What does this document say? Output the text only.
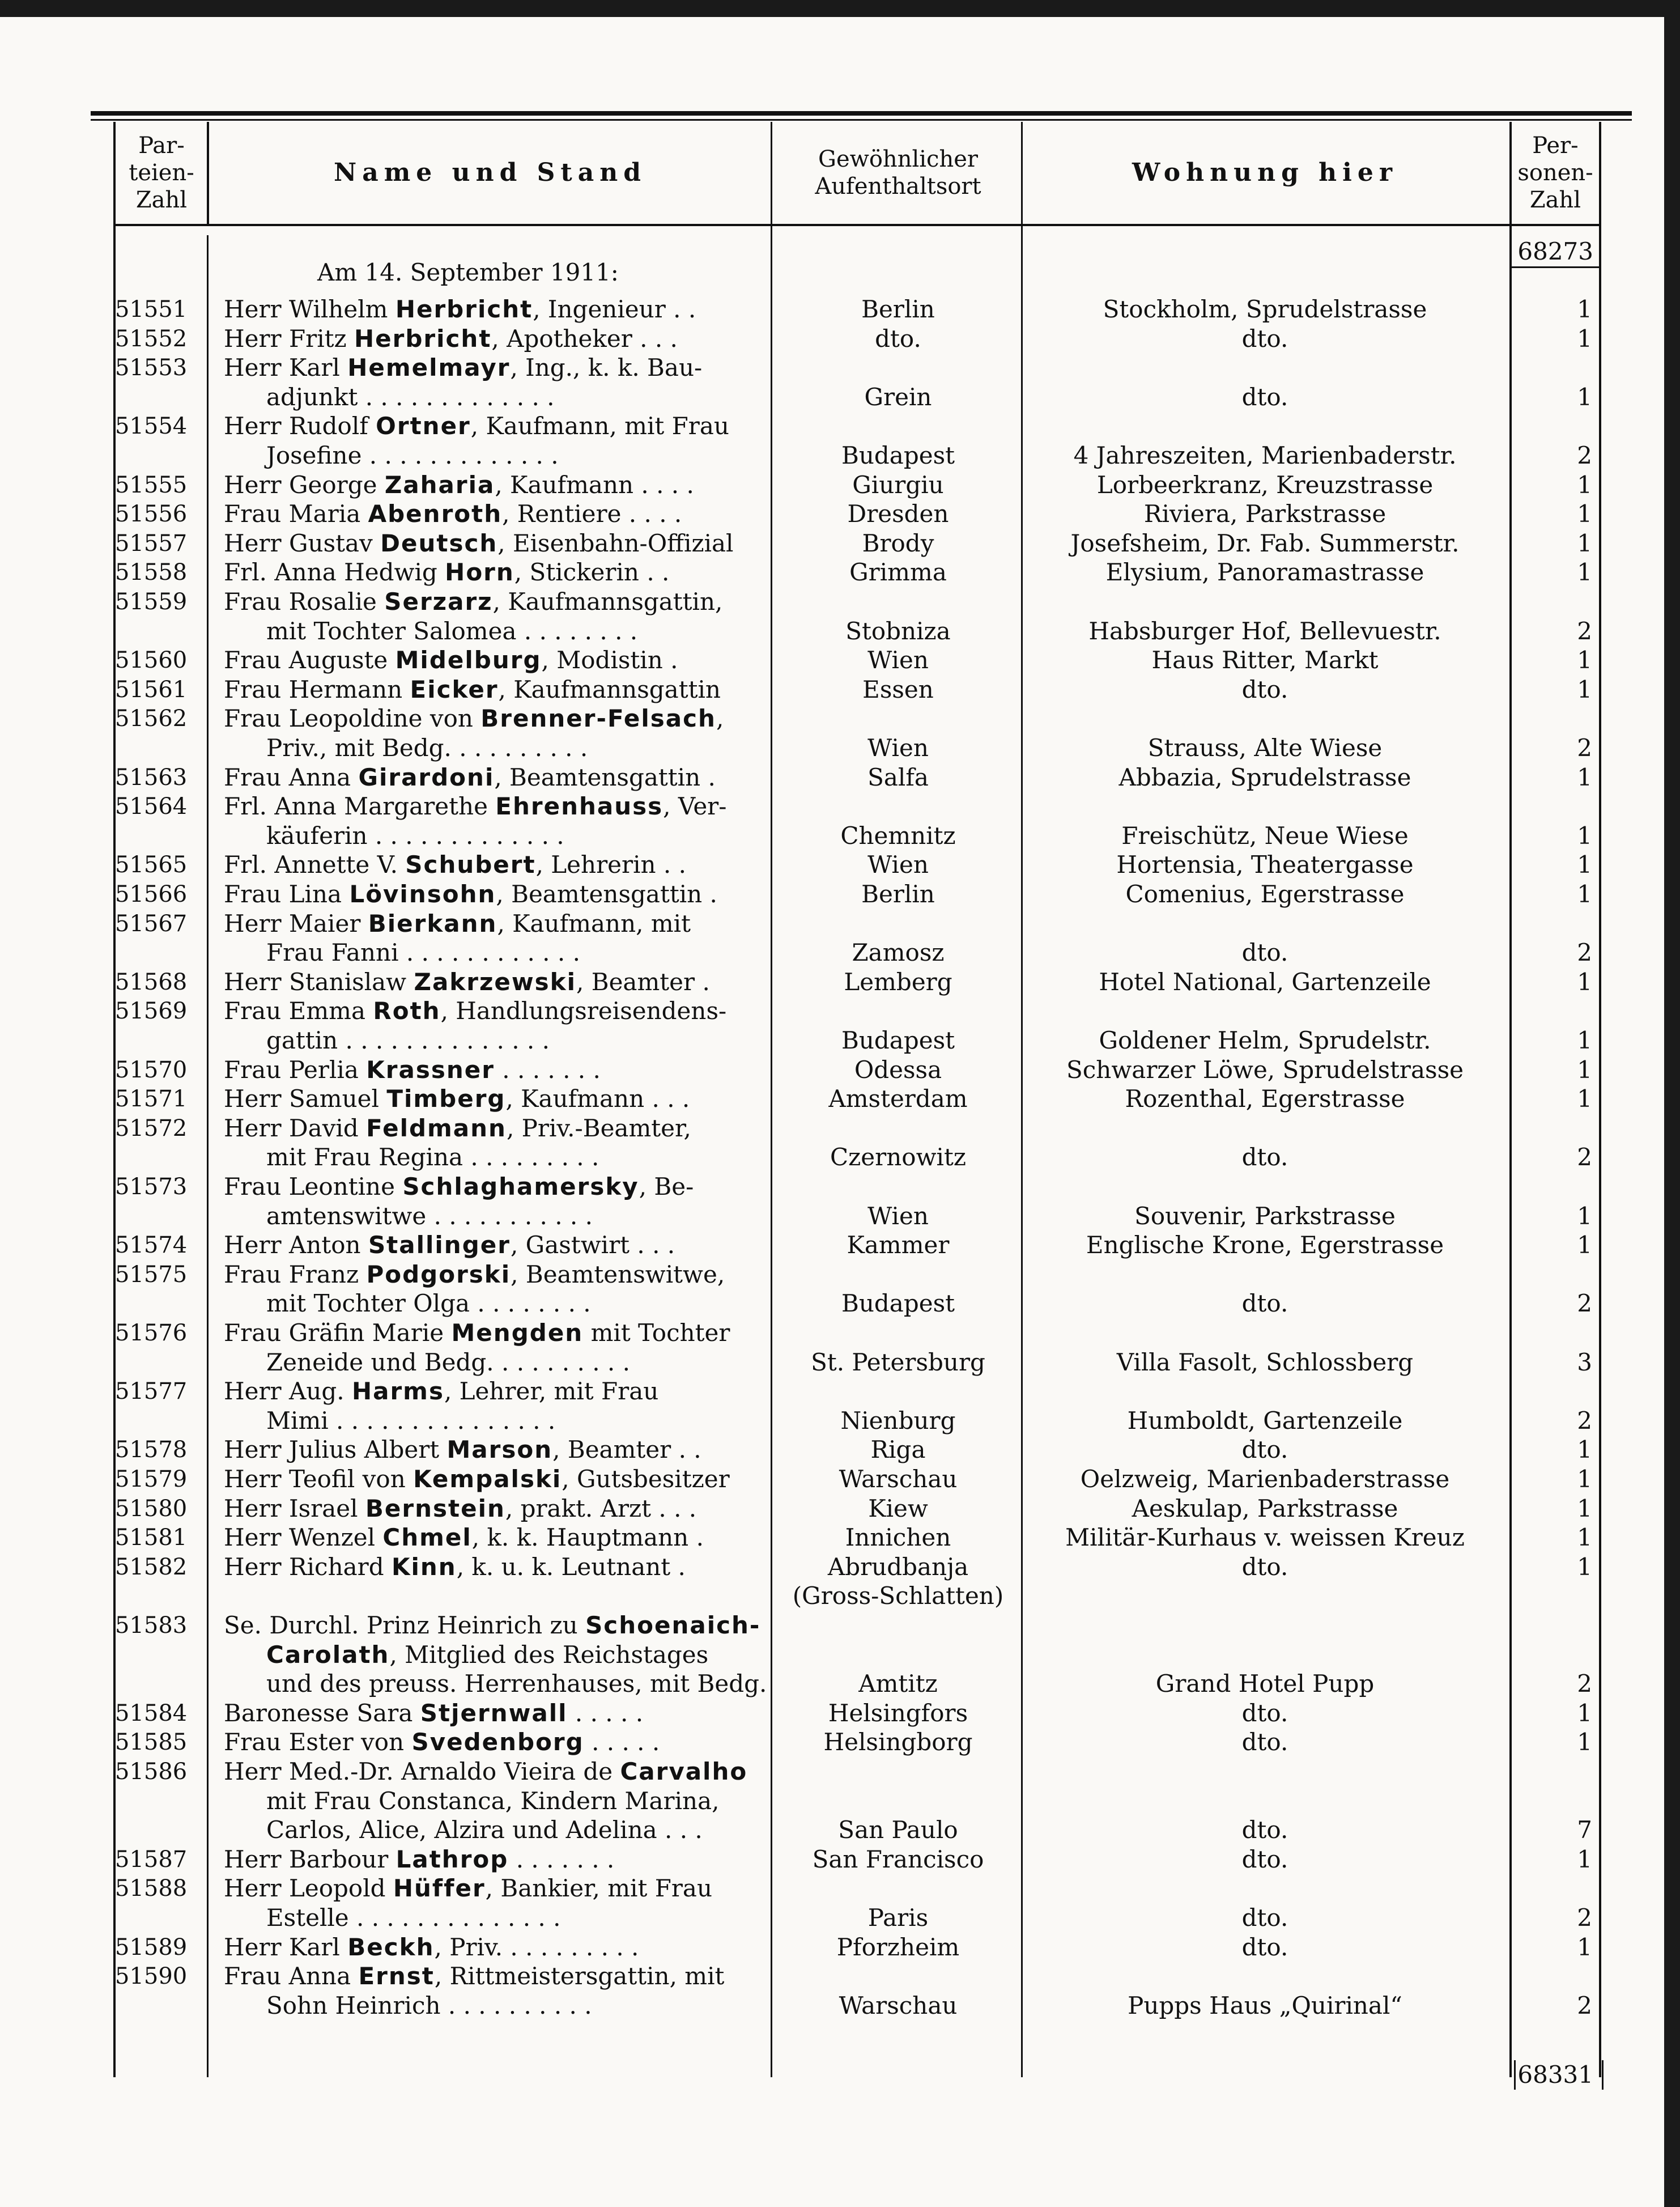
Par-
teien-
Zahl
Name und Stand	Gewöhnlicher
Aufenthaltsort	Wohnung hier
Per-
sonen-
Zahl
68273
68331
Am 14. September 1911:
51551 Herr Wilhelm Herbricht, Ingenieur . .	Berlin	Stockholm, Sprudelstrasse	1
51552 Herr Fritz Herbricht, Apotheker . . .	dto.	dto.	1
51553 Herr Karl Hemelmayr, Ing., k. k. Bau-
adjunkt . . . . . . . . . . . . .	Grein	dto.	1
51554 Herr Rudolf Ortner, Kaufmann, mit Frau
Josefine . . . . . . . . . . . . .	Budapest	4 Jahreszeiten, Marienbaderstr.	2
51555 Herr George Zaharia, Kaufmann . . . .	Giurgiu	Lorbeerkranz, Kreuzstrasse	1
51556 Frau Maria Abenroth, Rentiere . . . .	Dresden	Riviera, Parkstrasse	1
51557 Herr Gustav Deutsch, Eisenbahn-Offizial	Brody	Josefsheim, Dr. Fab. Summerstr.	1
51558 Frl. Anna Hedwig Horn, Stickerin . .	Grimma	Elysium, Panoramastrasse	1
51559 Frau Rosalie Serzarz, Kaufmannsgattin,
mit Tochter Salomea . . . . . . . .	Stobniza	Habsburger Hof, Bellevuestr.	2
51560 Frau Auguste Midelburg, Modistin .	Wien	Haus Ritter, Markt	1
51561 Frau Hermann Eicker, Kaufmannsgattin	Essen	dto.	1
51562 Frau Leopoldine von Brenner-Felsach,
Priv., mit Bedg. . . . . . . . . .	Wien	Strauss, Alte Wiese	2
51563 Frau Anna Girardoni, Beamtensgattin .	Salfa	Abbazia, Sprudelstrasse	1
51564 Frl. Anna Margarethe Ehrenhauss, Ver-
käuferin . . . . . . . . . . . . .	Chemnitz	Freischütz, Neue Wiese	1
51565 Frl. Annette V. Schubert, Lehrerin . .	Wien	Hortensia, Theatergasse	1
51566 Frau Lina Lövinsohn, Beamtensgattin .	Berlin	Comenius, Egerstrasse	1
51567 Herr Maier Bierkann, Kaufmann, mit
Frau Fanni . . . . . . . . . . . .	Zamosz	dto.	2
51568 Herr Stanislaw Zakrzewski, Beamter .	Lemberg	Hotel National, Gartenzeile	1
51569 Frau Emma Roth, Handlungsreisendens-
gattin . . . . . . . . . . . . . .	Budapest	Goldener Helm, Sprudelstr.	1
51570 Frau Perlia Krassner . . . . . . .	Odessa	Schwarzer Löwe, Sprudelstrasse	1
51571 Herr Samuel Timberg, Kaufmann . . .	Amsterdam	Rozenthal, Egerstrasse	1
51572 Herr David Feldmann, Priv.-Beamter,
mit Frau Regina . . . . . . . . .	Czernowitz	dto.	2
51573 Frau Leontine Schlaghamersky, Be-
amtenswitwe . . . . . . . . . . .	Wien	Souvenir, Parkstrasse	1
51574 Herr Anton Stallinger, Gastwirt . . .	Kammer	Englische Krone, Egerstrasse	1
51575 Frau Franz Podgorski, Beamtenswitwe,
mit Tochter Olga . . . . . . . .	Budapest	dto.	2
51576 Frau Gräfin Marie Mengden mit Tochter
Zeneide und Bedg. . . . . . . . . .	St. Petersburg	Villa Fasolt, Schlossberg	3
51577 Herr Aug. Harms, Lehrer, mit Frau
Mimi . . . . . . . . . . . . . . .	Nienburg	Humboldt, Gartenzeile	2
51578 Herr Julius Albert Marson, Beamter . .	Riga	dto.	1
51579 Herr Teofil von Kempalski, Gutsbesitzer	Warschau	Oelzweig, Marienbaderstrasse	1
51580 Herr Israel Bernstein, prakt. Arzt . . .	Kiew	Aeskulap, Parkstrasse	1
51581 Herr Wenzel Chmel, k. k. Hauptmann .	Innichen	Militär-Kurhaus v. weissen Kreuz	1
51582 Herr Richard Kinn, k. u. k. Leutnant .	Abrudbanja	dto.	1
(Gross-Schlatten)
51583 Se. Durchl. Prinz Heinrich zu Schoenaich-
Carolath, Mitglied des Reichstages
und des preuss. Herrenhauses, mit Bedg.	Amtitz	Grand Hotel Pupp	2
51584 Baronesse Sara Stjernwall . . . . .	Helsingfors	dto.	1
51585 Frau Ester von Svedenborg . . . . .	Helsingborg	dto.	1
51586 Herr Med.-Dr. Arnaldo Vieira de Carvalho
mit Frau Constanca, Kindern Marina,
Carlos, Alice, Alzira und Adelina . . .	San Paulo	dto.	7
51587 Herr Barbour Lathrop . . . . . . .	San Francisco	dto.	1
51588 Herr Leopold Hüffer, Bankier, mit Frau
Estelle . . . . . . . . . . . . . .	Paris	dto.	2
51589 Herr Karl Beckh, Priv. . . . . . . . . .	Pforzheim	dto.	1
51590 Frau Anna Ernst, Rittmeistersgattin, mit
Sohn Heinrich . . . . . . . . . .	Warschau	Pupps Haus „Quirinal“	2
